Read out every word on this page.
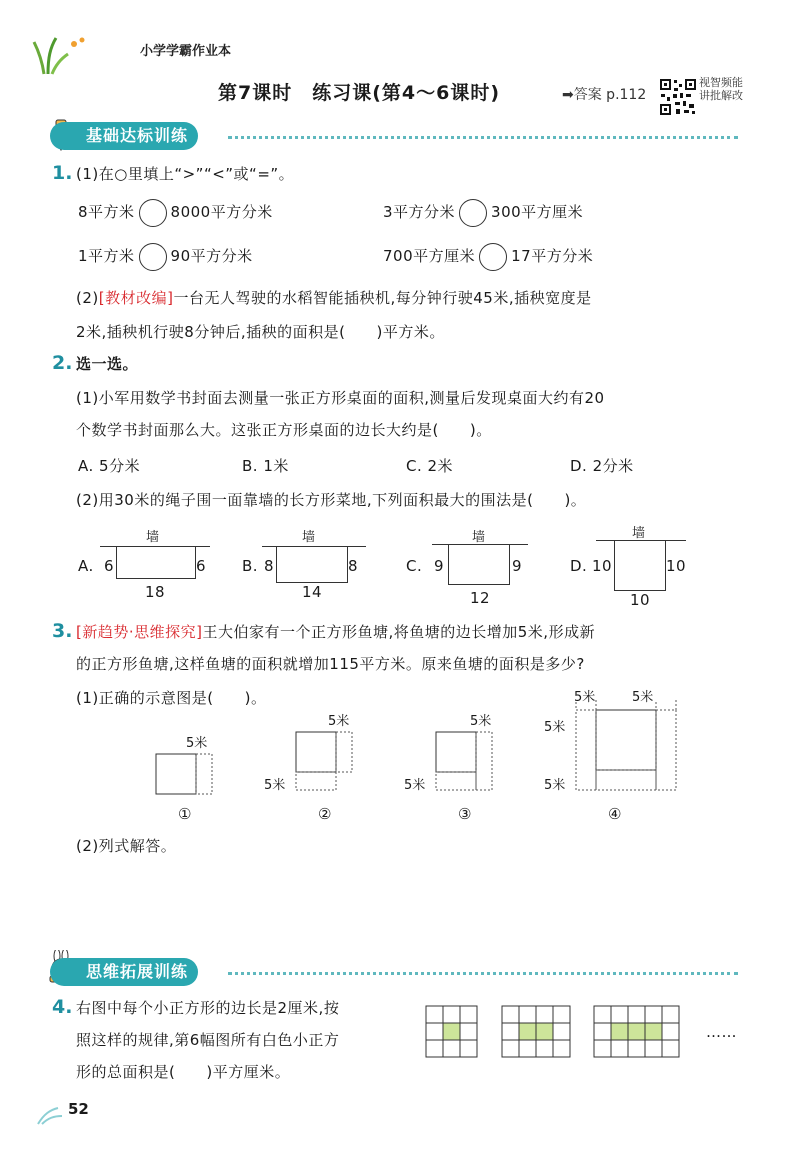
小学学霸作业本
第7课时　练习课(第4～6课时)	➡答案 p.112
视智频能讲批解改
基础达标训练
1. (1)在○里填上“>”“<”或“=”。
8平方米 8000平方分米	3平方分米 300平方厘米
1平方米 90平方分米	700平方厘米 17平方分米
(2)[教材改编]一台无人驾驶的水稻智能插秧机,每分钟行驶45米,插秧宽度是
2米,插秧机行驶8分钟后,插秧的面积是(　　)平方米。
2. 选一选。
(1)小军用数学书封面去测量一张正方形桌面的面积,测量后发现桌面大约有20
个数学书封面那么大。这张正方形桌面的边长大约是(　　)。
A. 5分米	B. 1米	C. 2米	D. 2分米
(2)用30米的绳子围一面靠墙的长方形菜地,下列面积最大的围法是(　　)。
墙
A. 6	6
18
墙
B. 8	8
14
墙
C. 9	9
12
墙
D. 10	10
10
3. [新趋势·思维探究]王大伯家有一个正方形鱼塘,将鱼塘的边长增加5米,形成新
的正方形鱼塘,这样鱼塘的面积就增加115平方米。原来鱼塘的面积是多少?
(1)正确的示意图是(　　)。
5米
5米
5米
5米
5米
5米	5米
5米
5米
①	②	③	④
(2)列式解答。
思维拓展训练
4. 右图中每个小正方形的边长是2厘米,按
照这样的规律,第6幅图所有白色小正方
形的总面积是(　　)平方厘米。
……
52
